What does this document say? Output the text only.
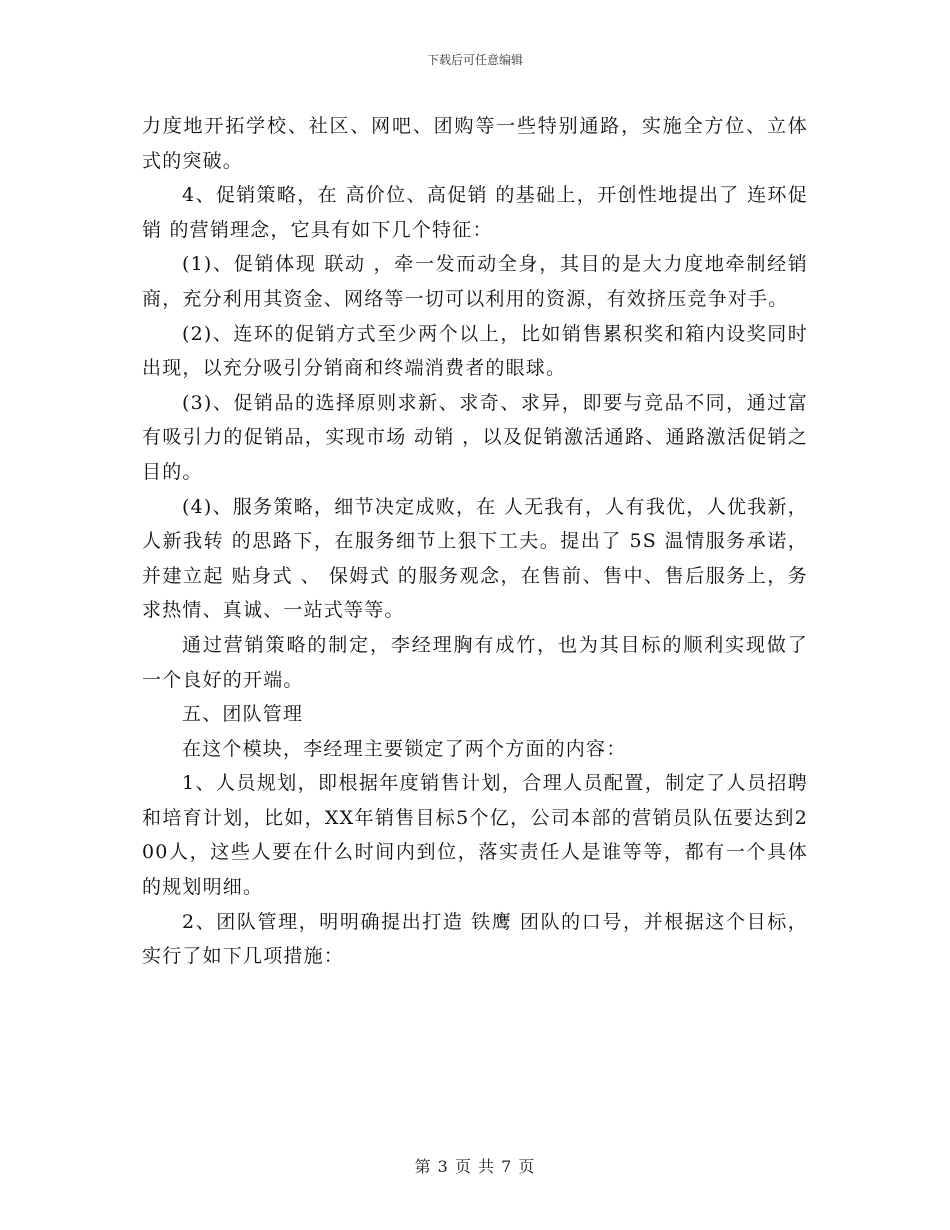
下载后可任意编辑

力度地开拓学校、社区、网吧、团购等一些特别通路，实施全方位、立体式的突破。

4、促销策略，在 高价位、高促销 的基础上，开创性地提出了 连环促销 的营销理念，它具有如下几个特征：

(1)、促销体现 联动 ，牵一发而动全身，其目的是大力度地牵制经销商，充分利用其资金、网络等一切可以利用的资源，有效挤压竞争对手。

(2)、连环的促销方式至少两个以上，比如销售累积奖和箱内设奖同时出现，以充分吸引分销商和终端消费者的眼球。

(3)、促销品的选择原则求新、求奇、求异，即要与竞品不同，通过富有吸引力的促销品，实现市场 动销 ，以及促销激活通路、通路激活促销之目的。

(4)、服务策略，细节决定成败，在 人无我有，人有我优，人优我新，人新我转 的思路下，在服务细节上狠下工夫。提出了 5S 温情服务承诺，并建立起 贴身式 、 保姆式 的服务观念，在售前、售中、售后服务上，务求热情、真诚、一站式等等。

通过营销策略的制定，李经理胸有成竹，也为其目标的顺利实现做了一个良好的开端。

五、团队管理

在这个模块，李经理主要锁定了两个方面的内容：

1、人员规划，即根据年度销售计划，合理人员配置，制定了人员招聘和培育计划，比如，XX年销售目标5个亿，公司本部的营销员队伍要达到200人，这些人要在什么时间内到位，落实责任人是谁等等，都有一个具体的规划明细。

2、团队管理，明明确提出打造 铁鹰 团队的口号，并根据这个目标，实行了如下几项措施：

第 3 页 共 7 页
